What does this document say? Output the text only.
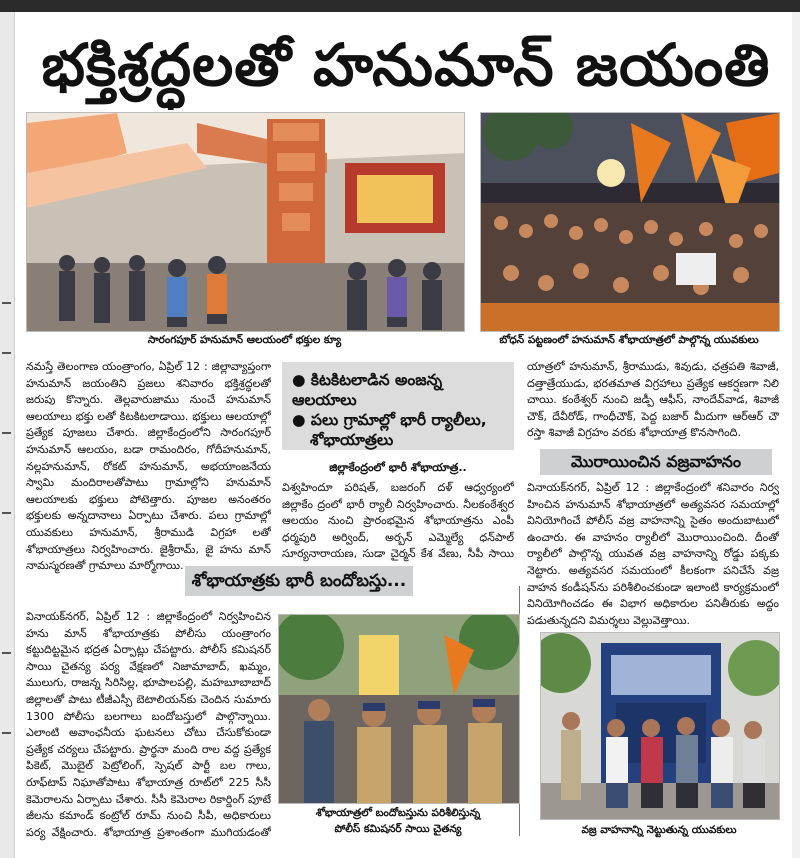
భక్తిశ్రద్ధలతో హనుమాన్ జయంతి
సారంగపూర్ హనుమాన్ ఆలయంలో భక్తుల క్యూ	బోధన్ పట్టణంలో హనుమాన్ శోభాయాత్రలో పాల్గొన్న యువకులు
నమస్తే తెలంగాణ యంత్రాంగం, ఏప్రిల్ 12 : జిల్లావ్యాప్తంగా హనుమాన్ జయంతిని ప్రజలు శనివారం భక్తిశ్రద్ధలతో జరుపు కొన్నారు. తెల్లవారుజాము నుంచే హనుమాన్ ఆలయాలు భక్తు లతో కిటకిటలాడాయి. భక్తులు ఆలయాల్లో ప్రత్యేక పూజలు చేశారు. జిల్లాకేంద్రంలోని సారంగపూర్ హనుమాన్ ఆలయం, బడా రామందిరం, గోదీహనుమాన్, నల్లహనుమాన్, రోకట్ హనుమాన్, అభయాంజనేయ స్వామి మందిరాలతోపాటు గ్రామాల్లోని హనుమాన్ ఆలయాలకు భక్తులు పోటెత్తారు. పూజల అనంతరం భక్తులకు అన్నదానాలు ఏర్పాటు చేశారు. పలు గ్రామాల్లో యువకులు హనుమాన్, శ్రీరాముడి విగ్రహా లతో శోభాయాత్రలు నిర్వహించారు. జైశ్రీరామ్, జై హను మాన్ నామస్మరణతో గ్రామాలు మార్మోగాయి.
● కిటకిటలాడిన అంజన్న ఆలయాలు
● పలు గ్రామాల్లో భారీ ర్యాలీలు,
శోభాయాత్రలు
జిల్లాకేంద్రంలో భారీ శోభాయాత్ర..
విశ్వహిందూ పరిషత్, బజరంగ్ దళ్ ఆధ్వర్యంలో జిల్లాకేం ద్రంలో భారీ ర్యాలీ నిర్వహించారు. నీలకంఠేశ్వర ఆలయం నుంచి ప్రారంభమైన శోభాయాత్రను ఎంపీ ధర్మపురి అర్వింద్, అర్బన్ ఎమ్మెల్యే ధన్‌పాల్ సూర్యనారాయణ, సుడా చైర్మన్ కేశ వేణు, సీపీ సాయి
యాత్రలో హనుమాన్, శ్రీరాముడు, శివుడు, ఛత్రపతి శివాజీ, దత్తాత్రేయుడు, భరతమాత విగ్రహాలు ప్రత్యేక ఆకర్షణగా నిలి చాయి. కంఠేశ్వర్ నుంచి జడ్పీ ఆఫీస్, నాందేవ్‌వాడ, శివాజీ చౌక్, దేవీరోడ్, గాంధీచౌక్, పెద్ద బజార్ మీదుగా ఆర్‌ఆర్ చౌ రస్తా శివాజీ విగ్రహం వరకు శోభాయాత్ర కొనసాగింది.
మొరాయించిన వజ్రవాహనం
వినాయక్‌నగర్, ఏప్రిల్ 12 : జిల్లాకేంద్రంలో శనివారం నిర్వ హించిన హనుమాన్ శోభాయాత్రలో అత్యవసర సమయాల్లో వినియోగించే పోలీస్ వజ్ర వాహనాన్ని సైతం అందుబాటులో ఉంచారు. ఈ వాహనం ర్యాలీలో మొరాయించింది. దీంతో ర్యాలీలో పాల్గొన్న యువత వజ్ర వాహనాన్ని రోడ్డు పక్కకు నెట్టారు. అత్యవసర సమయంలో కీలకంగా పనిచేసే వజ్ర వాహన కండీషన్‌ను పరిశీలించకుండా ఇలాంటి కార్యక్రమంలో వినియోగించడం ఈ విభాగ అధికారుల పనితీరుకు అద్దం పడుతున్నదని విమర్శలు వెల్లువెత్తాయి.
శోభాయాత్రకు భారీ బందోబస్తు...
వినాయక్‌నగర్, ఏప్రిల్ 12 : జిల్లాకేంద్రంలో నిర్వహించిన హను మాన్ శోభాయాత్రకు పోలీసు యంత్రాంగం కట్టుదిట్టమైన భద్రత ఏర్పాట్లు చేపట్టారు. పోలీస్ కమిషనర్ సాయి చైతన్య పర్య వేక్షణలో నిజామాబాద్, ఖమ్మం, ములుగు, రాజన్న సిరిసిల్ల, భూపాలపల్లి, మహబూబాబాద్ జిల్లాలతో పాటు టీజీఎస్పీ బెటాలియన్‌కు చెందిన సుమారు 1300 పోలీసు బలగాలు బందోబస్తులో పాల్గొన్నాయి. ఎలాంటి అవాంఛనీయ ఘటనలు చోటు చేసుకోకుండా ప్రత్యేక చర్యలు చేపట్టారు. ప్రార్థనా మంది రాల వద్ద ప్రత్యేక పికెట్, మొబైల్ పెట్రోలింగ్, స్పెషల్ పార్టీ బల గాలు, రూఫ్‌టాప్ నిఘాతోపాటు శోభాయాత్ర రూట్‌లో 225 సీసీ కెమెరాలను ఏర్పాటు చేశారు. సీసీ కెమెరాల రికార్డింగ్ పూటే జీలను కమాండ్ కంట్రోల్ రూమ్ నుంచి సీపీ, అధికారులు పర్య వేక్షించారు. శోభాయాత్ర ప్రశాంతంగా ముగియడంతో
శోభాయాత్రలో బందోబస్తును పరిశీలిస్తున్న
పోలీస్ కమిషనర్ సాయి చైతన్య	వజ్ర వాహనాన్ని నెట్టుతున్న యువకులు
